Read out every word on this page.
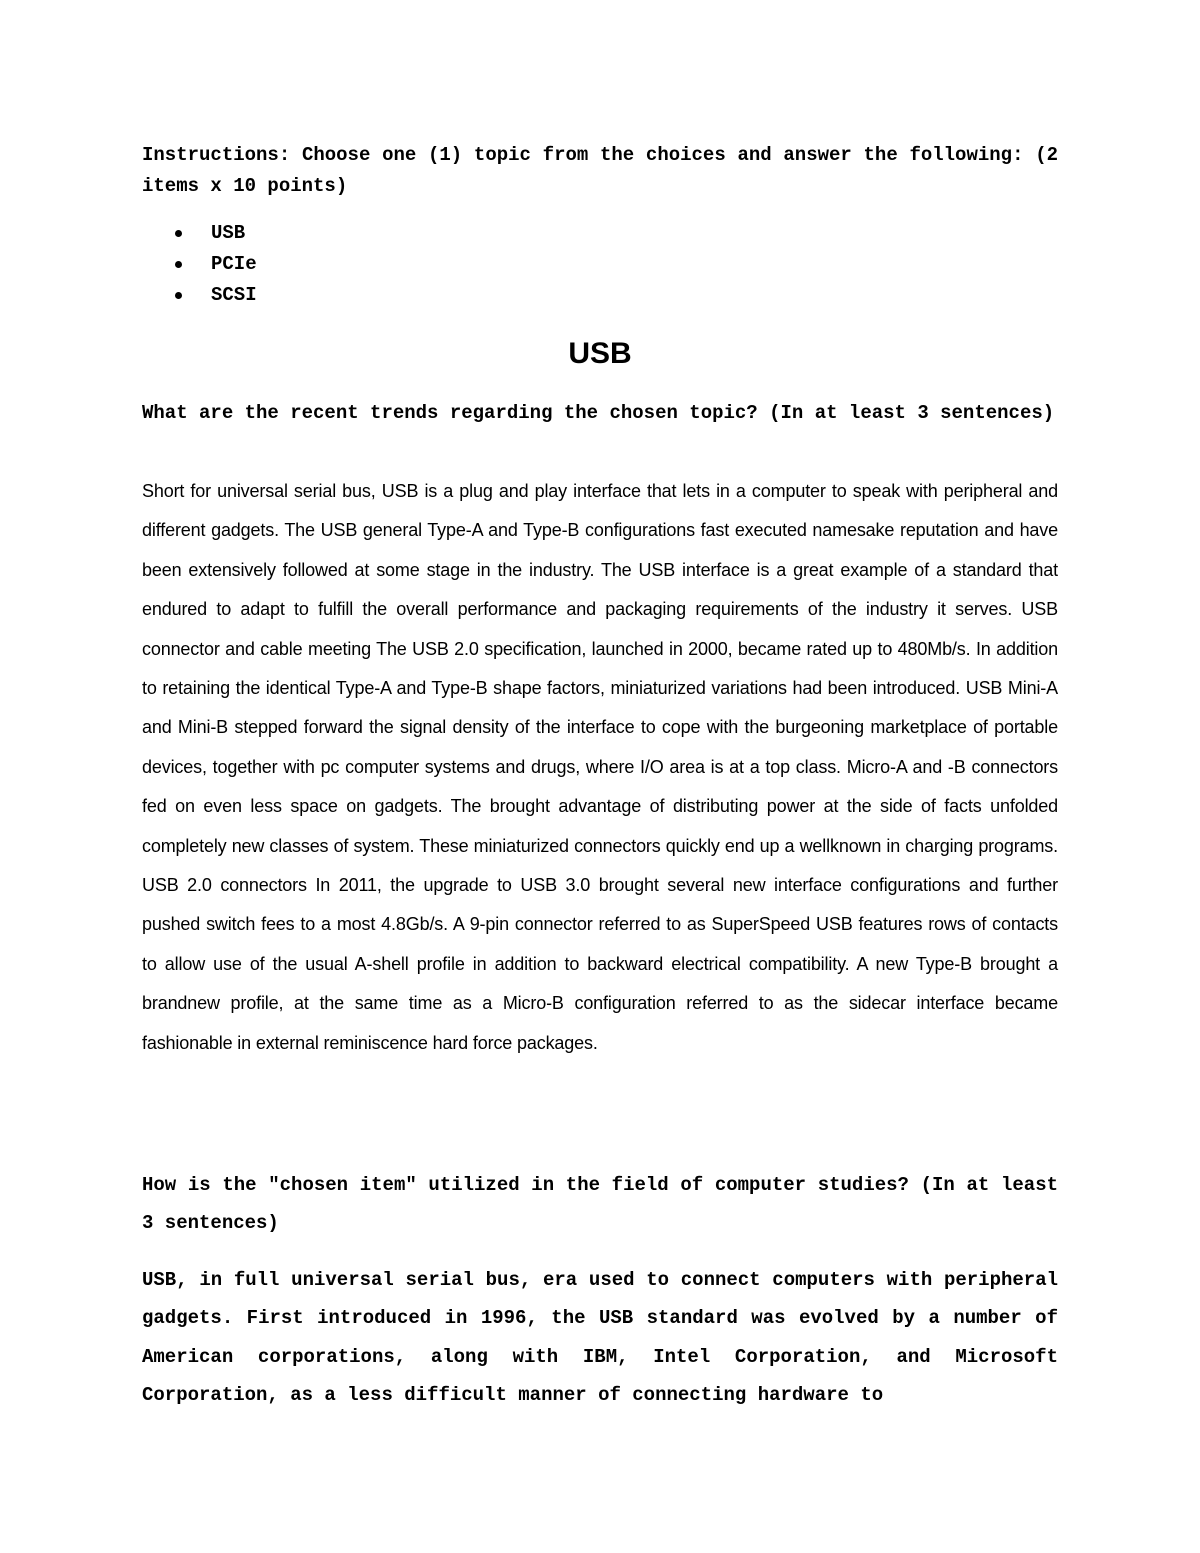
Instructions: Choose one (1) topic from the choices and answer the following: (2 items x 10 points)

USB
PCIe
SCSI
USB

What are the recent trends regarding the chosen topic? (In at least 3 sentences)

Short for universal serial bus, USB is a plug and play interface that lets in a computer to speak with peripheral and different gadgets. The USB general Type-A and Type-B configurations fast executed namesake reputation and have been extensively followed at some stage in the industry. The USB interface is a great example of a standard that endured to adapt to fulfill the overall performance and packaging requirements of the industry it serves. USB connector and cable meeting The USB 2.0 specification, launched in 2000, became rated up to 480Mb/s. In addition to retaining the identical Type-A and Type-B shape factors, miniaturized variations had been introduced. USB Mini-A and Mini-B stepped forward the signal density of the interface to cope with the burgeoning marketplace of portable devices, together with pc computer systems and drugs, where I/O area is at a top class. Micro-A and -B connectors fed on even less space on gadgets. The brought advantage of distributing power at the side of facts unfolded completely new classes of system. These miniaturized connectors quickly end up a wellknown in charging programs. USB 2.0 connectors In 2011, the upgrade to USB 3.0 brought several new interface configurations and further pushed switch fees to a most 4.8Gb/s. A 9-pin connector referred to as SuperSpeed USB features rows of contacts to allow use of the usual A-shell profile in addition to backward electrical compatibility. A new Type-B brought a brandnew profile, at the same time as a Micro-B configuration referred to as the sidecar interface became fashionable in external reminiscence hard force packages.

How is the "chosen item" utilized in the field of computer studies? (In at least 3 sentences)

USB, in full universal serial bus, era used to connect computers with peripheral gadgets. First introduced in 1996, the USB standard was evolved by a number of American corporations, along with IBM, Intel Corporation, and Microsoft Corporation, as a less difficult manner of connecting hardware to
